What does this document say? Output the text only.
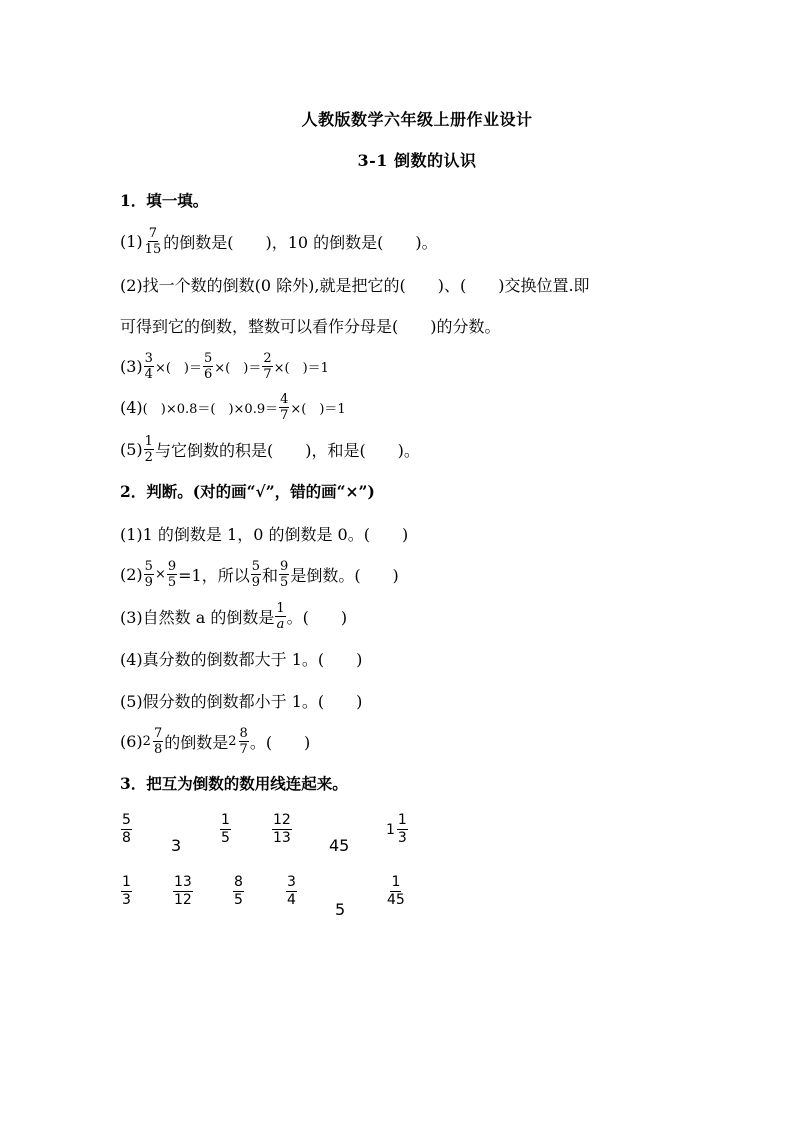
人教版数学六年级上册作业设计
3-1 倒数的认识
1．填一填。
$(1) \frac{7}{15}$ 的倒数是(　　)，10 的倒数是(　　)。
(2)找一个数的倒数(0 除外),就是把它的(　　)、(　　)交换位置.即
可得到它的倒数，整数可以看作分母是(　　)的分数。
$(3) \frac{3}{4}$ ×(　)＝ $\frac{5}{6}$ ×(　)＝ $\frac{2}{7}$ ×(　)＝1
(4) (　)×0.8＝(　)$\times 0.9= \frac{4}{7}$ ×(　)＝1
$(5) \frac{1}{2}$ 与它倒数的积是(　　)，和是(　　)。
2．判断。(对的画“√”，错的画“×”)
(1)1 的倒数是 1，0 的倒数是 0。(　　)
$(2) \frac{5}{9} \times \frac{9}{5} =1$，所以 $\frac{5}{9}$ 和 $\frac{9}{5}$ 是倒数。(　　)
(3)自然数 a 的倒数是 $\frac{1}{a}$ 。(　　)
(4)真分数的倒数都大于 1。(　　)
(5)假分数的倒数都小于 1。(　　)
(6) $2 \frac{7}{8}$ 的倒数是 $2 \frac{8}{7}$ 。(　　)
3．把互为倒数的数用线连起来。
$\frac{5}{8} 3$	$\frac{1}{5}$	$\frac{12}{13} 45$
$1 \frac{1}{3}$
$\frac{1}{3}$	$\frac{13}{12}$	$\frac{8}{5}$	$\frac{3}{4}$
5
$\frac{1}{45}$
